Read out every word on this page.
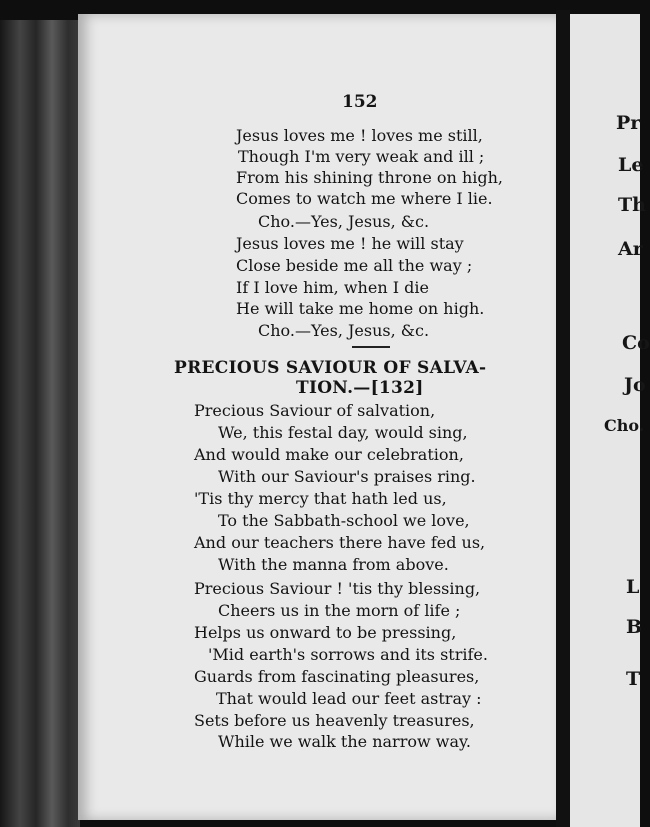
152
Jesus loves me ! loves me still,
Though I'm very weak and ill ;
From his shining throne on high,
Comes to watch me where I lie.
Cho.—Yes, Jesus, &c.
Jesus loves me ! he will stay
Close beside me all the way ;
If I love him, when I die
He will take me home on high.
Cho.—Yes, Jesus, &c.
PRECIOUS SAVIOUR OF SALVA-
TION.—[132]
Precious Saviour of salvation,
We, this festal day, would sing,
And would make our celebration,
With our Saviour's praises ring.
'Tis thy mercy that hath led us,
To the Sabbath-school we love,
And our teachers there have fed us,
With the manna from above.
Precious Saviour ! 'tis thy blessing,
Cheers us in the morn of life ;
Helps us onward to be pressing,
'Mid earth's sorrows and its strife.
Guards from fascinating pleasures,
That would lead our feet astray :
Sets before us heavenly treasures,
While we walk the narrow way.
Pr
Le
Th
Ar
Co
Jo
Cho.
L
B
T
